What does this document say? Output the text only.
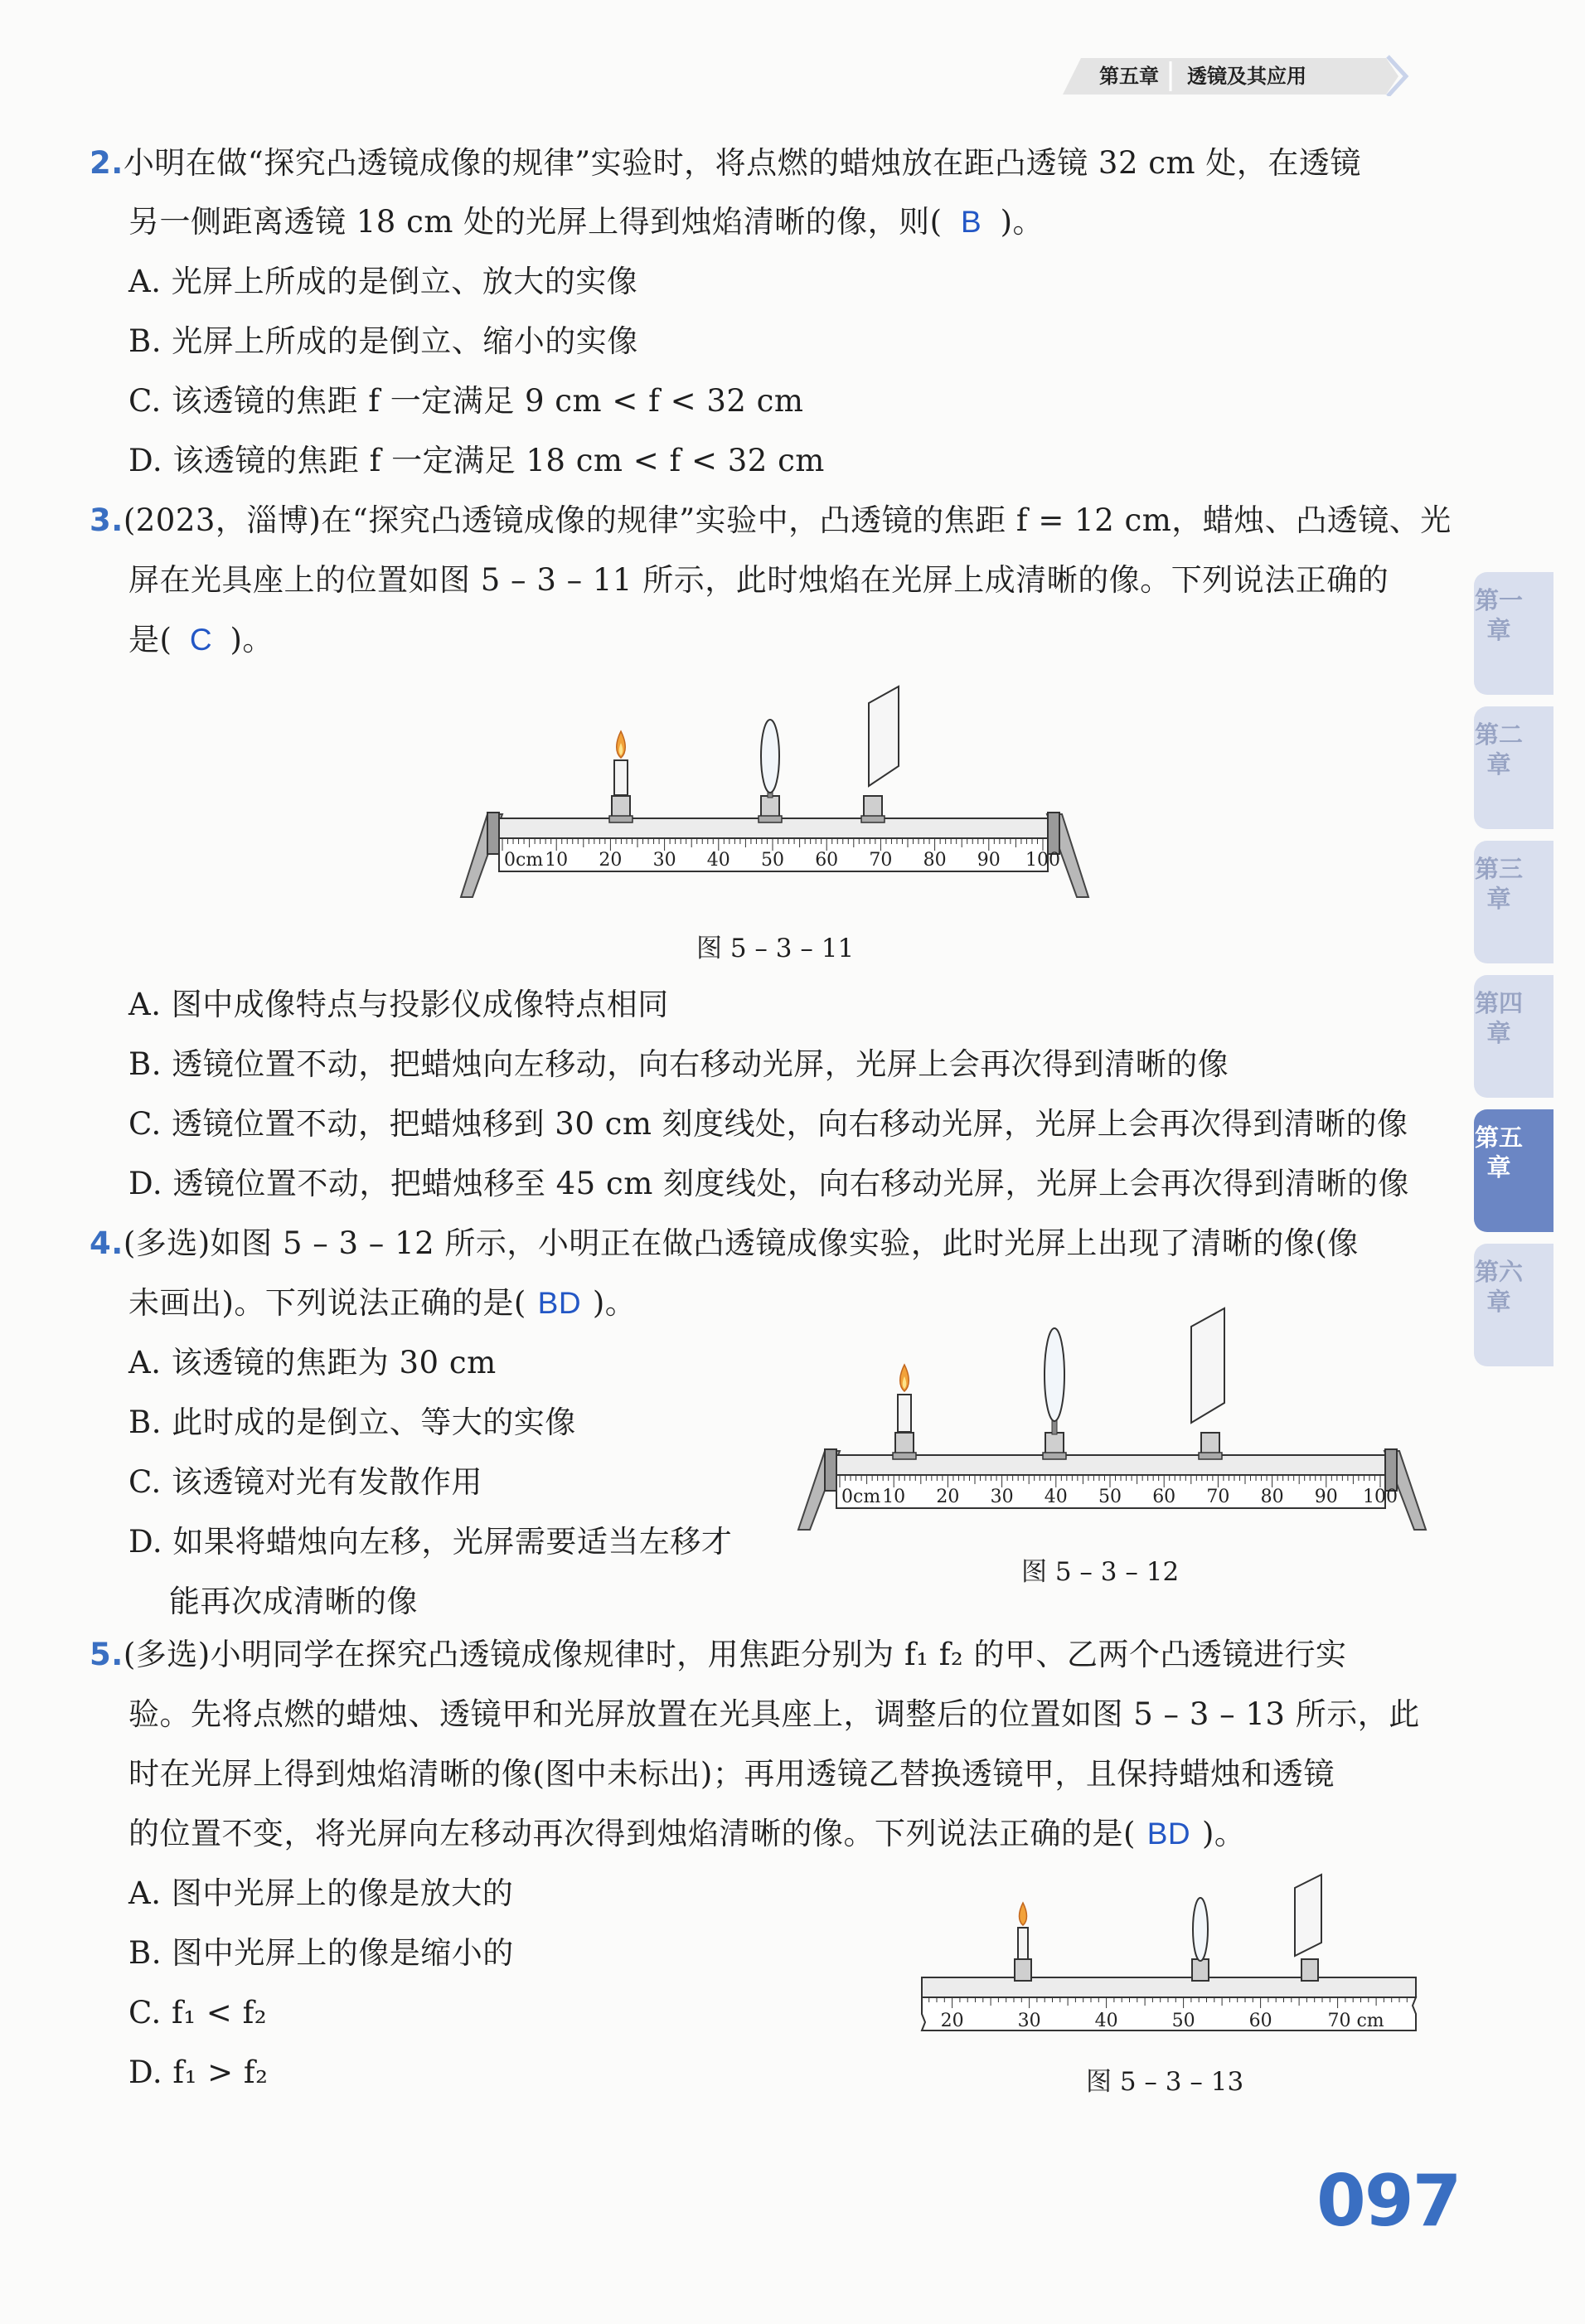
第五章 透镜及其应用
2.小明在做“探究凸透镜成像的规律”实验时，将点燃的蜡烛放在距凸透镜 32 cm 处，在透镜
另一侧距离透镜 18 cm 处的光屏上得到烛焰清晰的像，则( B )。
A. 光屏上所成的是倒立、放大的实像
B. 光屏上所成的是倒立、缩小的实像
C. 该透镜的焦距 f 一定满足 9 cm < f < 32 cm
D. 该透镜的焦距 f 一定满足 18 cm < f < 32 cm
3.(2023，淄博)在“探究凸透镜成像的规律”实验中，凸透镜的焦距 f = 12 cm，蜡烛、凸透镜、光
屏在光具座上的位置如图 5 – 3 – 11 所示，此时烛焰在光屏上成清晰的像。下列说法正确的
是( C )。
0cm 10 20 30 40 50 60 70 80 90 100
图 5 – 3 – 11
A. 图中成像特点与投影仪成像特点相同
B. 透镜位置不动，把蜡烛向左移动，向右移动光屏，光屏上会再次得到清晰的像
C. 透镜位置不动，把蜡烛移到 30 cm 刻度线处，向右移动光屏，光屏上会再次得到清晰的像
D. 透镜位置不动，把蜡烛移至 45 cm 刻度线处，向右移动光屏，光屏上会再次得到清晰的像
4.(多选)如图 5 – 3 – 12 所示，小明正在做凸透镜成像实验，此时光屏上出现了清晰的像(像
未画出)。下列说法正确的是( BD )。
A. 该透镜的焦距为 30 cm
B. 此时成的是倒立、等大的实像
C. 该透镜对光有发散作用
D. 如果将蜡烛向左移，光屏需要适当左移才
能再次成清晰的像
0cm 10 20 30 40 50 60 70 80 90 100
图 5 – 3 – 12
5.(多选)小明同学在探究凸透镜成像规律时，用焦距分别为 f₁ f₂ 的甲、乙两个凸透镜进行实
验。先将点燃的蜡烛、透镜甲和光屏放置在光具座上，调整后的位置如图 5 – 3 – 13 所示，此
时在光屏上得到烛焰清晰的像(图中未标出)；再用透镜乙替换透镜甲，且保持蜡烛和透镜
的位置不变，将光屏向左移动再次得到烛焰清晰的像。下列说法正确的是( BD )。
A. 图中光屏上的像是放大的
B. 图中光屏上的像是缩小的
C. f₁ < f₂
D. f₁ > f₂
20	30	40	50	60	70 cm
图 5 – 3 – 13
第一章
第二章
第三章
第四章
第五章
第六章
097
